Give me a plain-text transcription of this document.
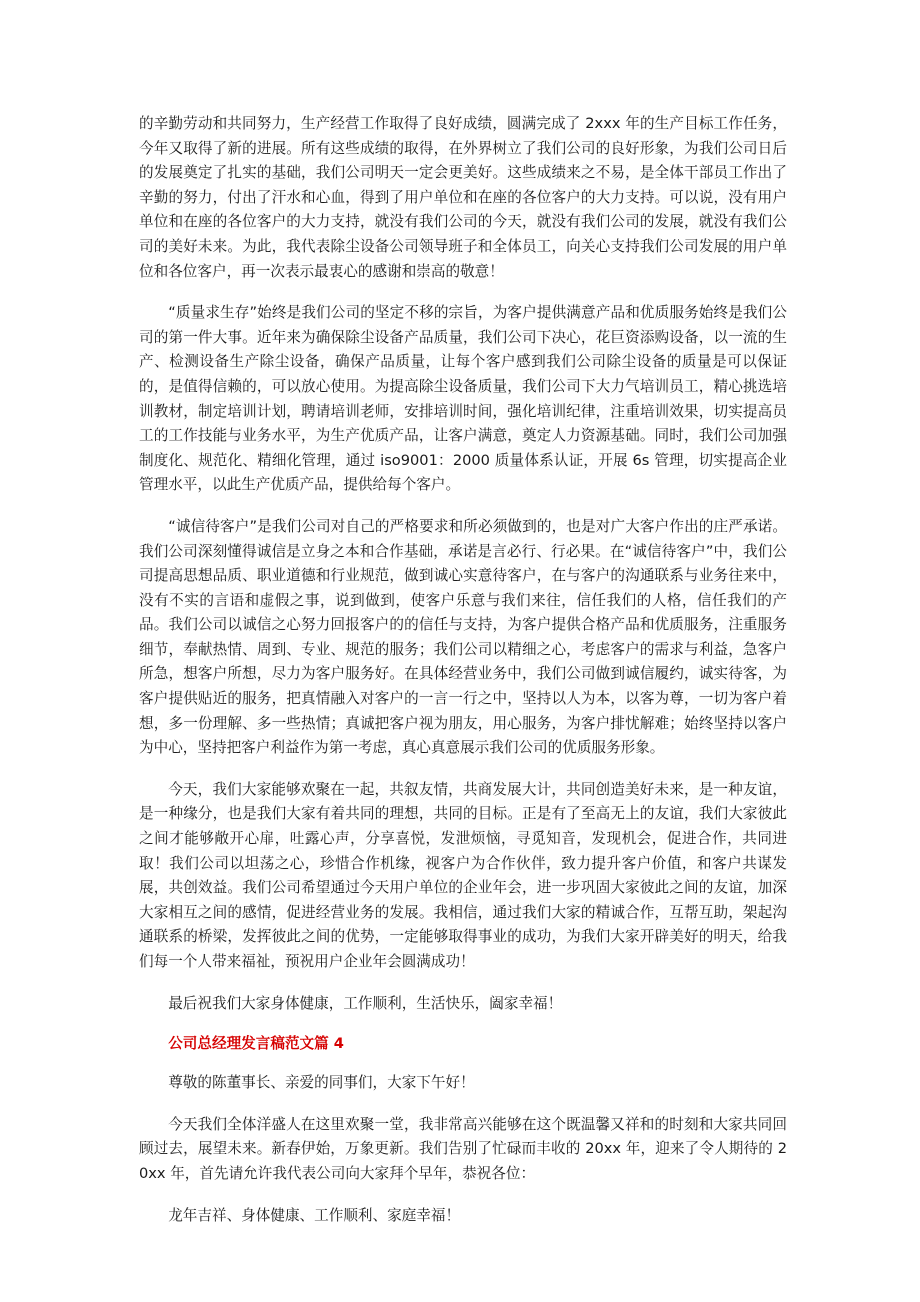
的辛勤劳动和共同努力，生产经营工作取得了良好成绩，圆满完成了 2xxx 年的生产目标工作任务，今年又取得了新的进展。所有这些成绩的取得，在外界树立了我们公司的良好形象，为我们公司日后的发展奠定了扎实的基础，我们公司明天一定会更美好。这些成绩来之不易，是全体干部员工作出了辛勤的努力，付出了汗水和心血，得到了用户单位和在座的各位客户的大力支持。可以说，没有用户单位和在座的各位客户的大力支持，就没有我们公司的今天，就没有我们公司的发展，就没有我们公司的美好未来。为此，我代表除尘设备公司领导班子和全体员工，向关心支持我们公司发展的用户单位和各位客户，再一次表示最衷心的感谢和崇高的敬意！

“质量求生存”始终是我们公司的坚定不移的宗旨，为客户提供满意产品和优质服务始终是我们公司的第一件大事。近年来为确保除尘设备产品质量，我们公司下决心，花巨资添购设备，以一流的生产、检测设备生产除尘设备，确保产品质量，让每个客户感到我们公司除尘设备的质量是可以保证的，是值得信赖的，可以放心使用。为提高除尘设备质量，我们公司下大力气培训员工，精心挑选培训教材，制定培训计划，聘请培训老师，安排培训时间，强化培训纪律，注重培训效果，切实提高员工的工作技能与业务水平，为生产优质产品，让客户满意，奠定人力资源基础。同时，我们公司加强制度化、规范化、精细化管理，通过 iso9001：2000 质量体系认证，开展 6s 管理，切实提高企业管理水平，以此生产优质产品，提供给每个客户。

“诚信待客户”是我们公司对自己的严格要求和所必须做到的，也是对广大客户作出的庄严承诺。我们公司深刻懂得诚信是立身之本和合作基础，承诺是言必行、行必果。在“诚信待客户”中，我们公司提高思想品质、职业道德和行业规范，做到诚心实意待客户，在与客户的沟通联系与业务往来中，没有不实的言语和虚假之事，说到做到，使客户乐意与我们来往，信任我们的人格，信任我们的产品。我们公司以诚信之心努力回报客户的的信任与支持，为客户提供合格产品和优质服务，注重服务细节，奉献热情、周到、专业、规范的服务；我们公司以精细之心，考虑客户的需求与利益，急客户所急，想客户所想，尽力为客户服务好。在具体经营业务中，我们公司做到诚信履约，诚实待客，为客户提供贴近的服务，把真情融入对客户的一言一行之中，坚持以人为本，以客为尊，一切为客户着想，多一份理解、多一些热情；真诚把客户视为朋友，用心服务，为客户排忧解难；始终坚持以客户为中心，坚持把客户利益作为第一考虑，真心真意展示我们公司的优质服务形象。

今天，我们大家能够欢聚在一起，共叙友情，共商发展大计，共同创造美好未来，是一种友谊，是一种缘分，也是我们大家有着共同的理想，共同的目标。正是有了至高无上的友谊，我们大家彼此之间才能够敞开心扉，吐露心声，分享喜悦，发泄烦恼，寻觅知音，发现机会，促进合作，共同进取！我们公司以坦荡之心，珍惜合作机缘，视客户为合作伙伴，致力提升客户价值，和客户共谋发展，共创效益。我们公司希望通过今天用户单位的企业年会，进一步巩固大家彼此之间的友谊，加深大家相互之间的感情，促进经营业务的发展。我相信，通过我们大家的精诚合作，互帮互助，架起沟通联系的桥梁，发挥彼此之间的优势，一定能够取得事业的成功，为我们大家开辟美好的明天，给我们每一个人带来福祉，预祝用户企业年会圆满成功！

最后祝我们大家身体健康，工作顺利，生活快乐，阖家幸福！

公司总经理发言稿范文篇 4

尊敬的陈董事长、亲爱的同事们，大家下午好！

今天我们全体洋盛人在这里欢聚一堂，我非常高兴能够在这个既温馨又祥和的时刻和大家共同回顾过去，展望未来。新春伊始，万象更新。我们告别了忙碌而丰收的 20xx 年，迎来了令人期待的 20xx 年，首先请允许我代表公司向大家拜个早年，恭祝各位：

龙年吉祥、身体健康、工作顺利、家庭幸福！
